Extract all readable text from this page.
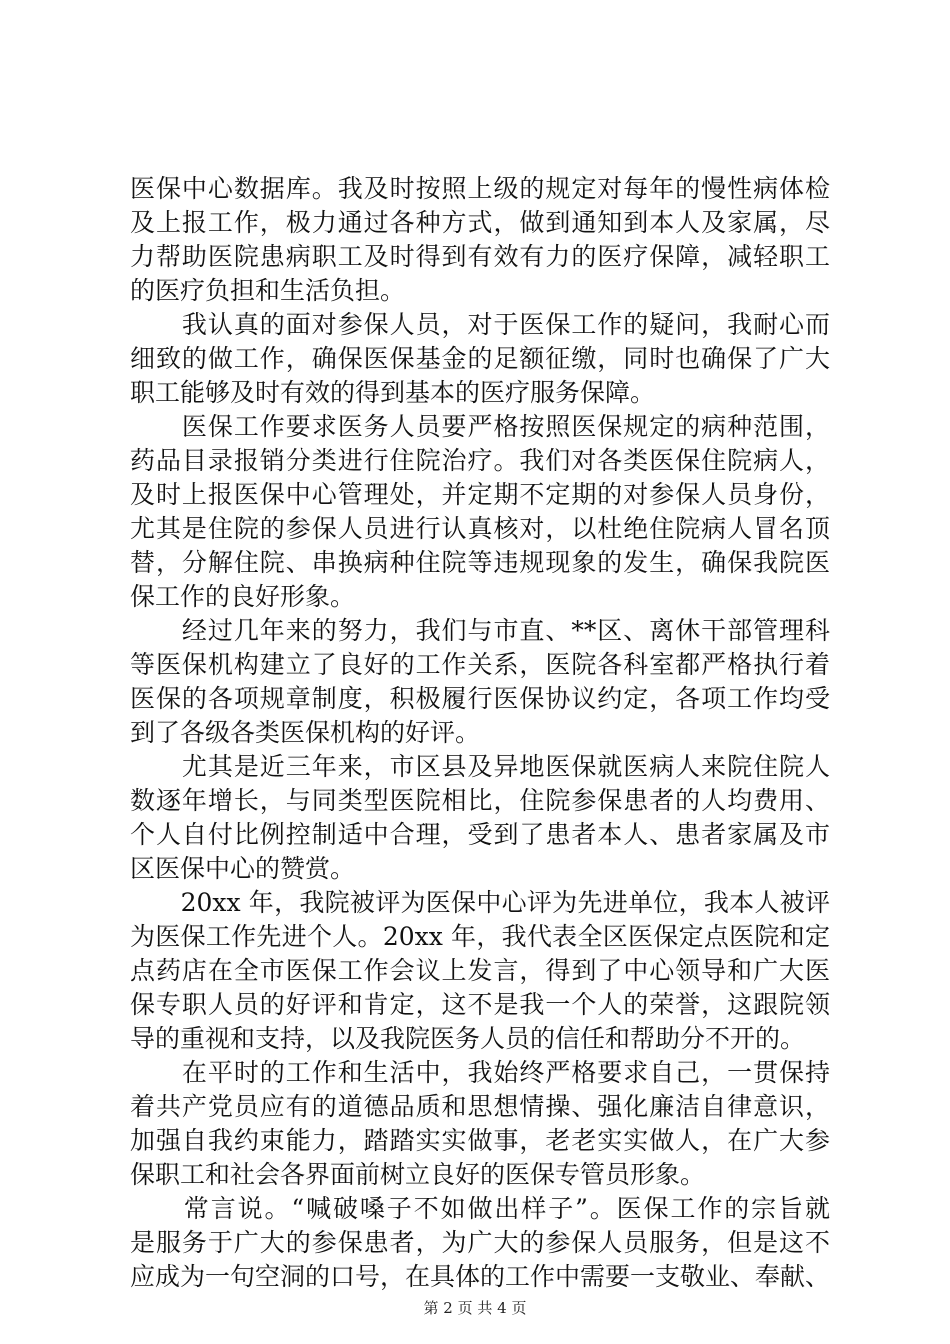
医保中心数据库。我及时按照上级的规定对每年的慢性病体检
及上报工作，极力通过各种方式，做到通知到本人及家属，尽
力帮助医院患病职工及时得到有效有力的医疗保障，减轻职工
的医疗负担和生活负担。
　　我认真的面对参保人员，对于医保工作的疑问，我耐心而
细致的做工作，确保医保基金的足额征缴，同时也确保了广大
职工能够及时有效的得到基本的医疗服务保障。
　　医保工作要求医务人员要严格按照医保规定的病种范围，
药品目录报销分类进行住院治疗。我们对各类医保住院病人，
及时上报医保中心管理处，并定期不定期的对参保人员身份，
尤其是住院的参保人员进行认真核对，以杜绝住院病人冒名顶
替，分解住院、串换病种住院等违规现象的发生，确保我院医
保工作的良好形象。
　　经过几年来的努力，我们与市直、**区、离休干部管理科
等医保机构建立了良好的工作关系，医院各科室都严格执行着
医保的各项规章制度，积极履行医保协议约定，各项工作均受
到了各级各类医保机构的好评。
　　尤其是近三年来，市区县及异地医保就医病人来院住院人
数逐年增长，与同类型医院相比，住院参保患者的人均费用、
个人自付比例控制适中合理，受到了患者本人、患者家属及市
区医保中心的赞赏。
　　20xx 年，我院被评为医保中心评为先进单位，我本人被评
为医保工作先进个人。20xx 年，我代表全区医保定点医院和定
点药店在全市医保工作会议上发言，得到了中心领导和广大医
保专职人员的好评和肯定，这不是我一个人的荣誉，这跟院领
导的重视和支持，以及我院医务人员的信任和帮助分不开的。
　　在平时的工作和生活中，我始终严格要求自己，一贯保持
着共产党员应有的道德品质和思想情操、强化廉洁自律意识，
加强自我约束能力，踏踏实实做事，老老实实做人，在广大参
保职工和社会各界面前树立良好的医保专管员形象。
　　常言说。“喊破嗓子不如做出样子”。医保工作的宗旨就
是服务于广大的参保患者，为广大的参保人员服务，但是这不
应成为一句空洞的口号，在具体的工作中需要一支敬业、奉献、
第 2 页 共 4 页
